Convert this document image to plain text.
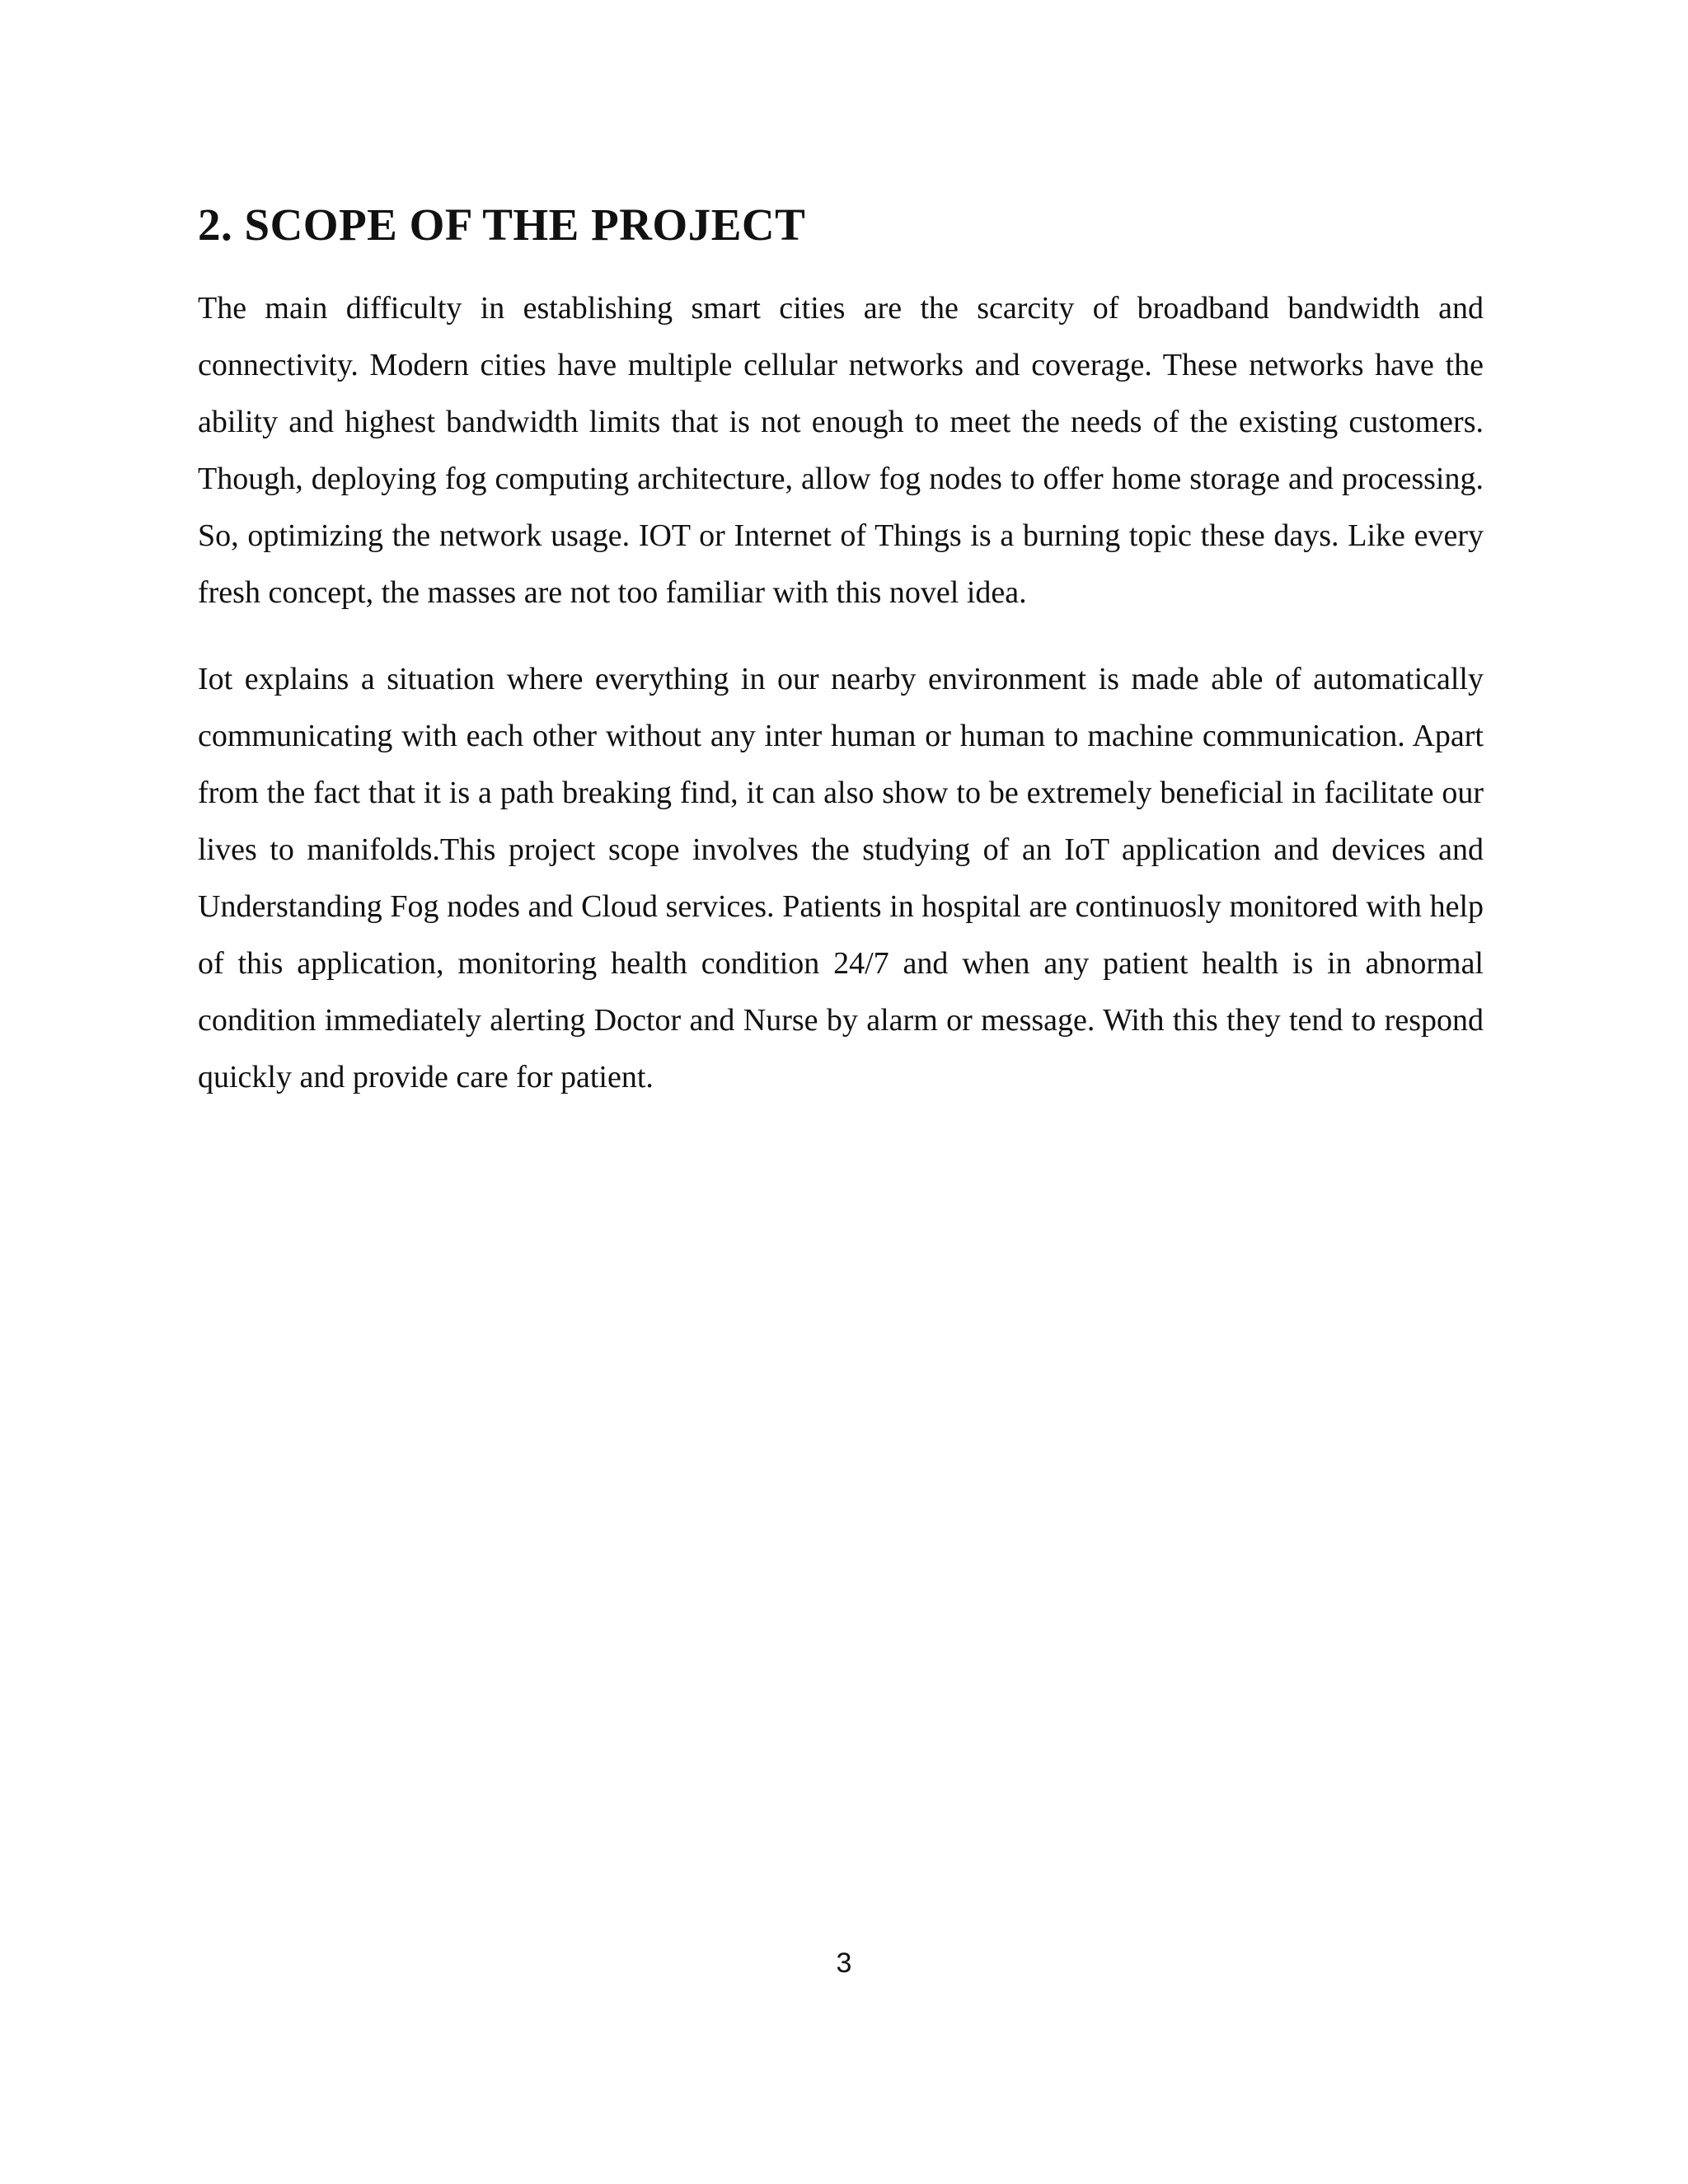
2. SCOPE OF THE PROJECT

The main difficulty in establishing smart cities are the scarcity of broadband bandwidth and connectivity. Modern cities have multiple cellular networks and coverage. These networks have the ability and highest bandwidth limits that is not enough to meet the needs of the existing customers. Though, deploying fog computing architecture, allow fog nodes to offer home storage and processing. So, optimizing the network usage. IOT or Internet of Things is a burning topic these days. Like every fresh concept, the masses are not too familiar with this novel idea.

Iot explains a situation where everything in our nearby environment is made able of automatically communicating with each other without any inter human or human to machine communication. Apart from the fact that it is a path breaking find, it can also show to be extremely beneficial in facilitate our lives to manifolds.This project scope involves the studying of an IoT application and devices and Understanding Fog nodes and Cloud services. Patients in hospital are continuosly monitored with help of this application, monitoring health condition 24/7 and when any patient health is in abnormal condition immediately alerting Doctor and Nurse by alarm or message. With this they tend to respond quickly and provide care for patient.

3
